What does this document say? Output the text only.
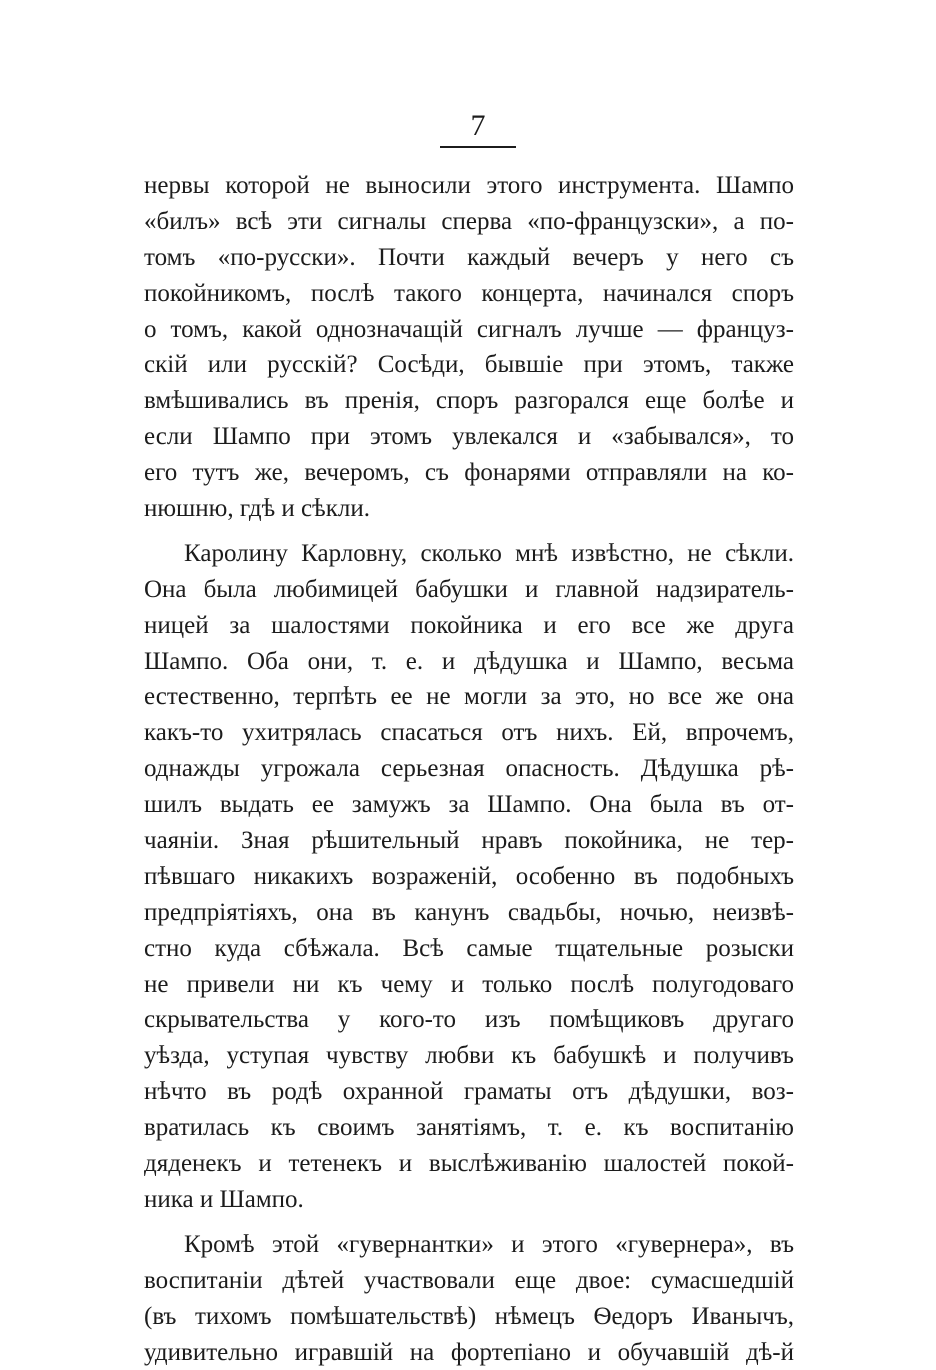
7
нервы которой не выносили этого инструмента. Шампо
«билъ» всѣ эти сигналы сперва «по-французски», а по-
томъ «по-русски». Почти каждый вечеръ у него съ
покойникомъ, послѣ такого концерта, начинался споръ
о томъ, какой однозначащій сигналъ лучше — француз-
скій или русскій? Сосѣди, бывшіе при этомъ, также
вмѣшивались въ пренія, споръ разгорался еще болѣе и
если Шампо при этомъ увлекался и «забывался», то
его тутъ же, вечеромъ, съ фонарями отправляли на ко-
нюшню, гдѣ и сѣкли.
Каролину Карловну, сколько мнѣ извѣстно, не сѣкли.
Она была любимицей бабушки и главной надзиратель-
ницей за шалостями покойника и его все же друга
Шампо. Оба они, т. е. и дѣдушка и Шампо, весьма
естественно, терпѣть ее не могли за это, но все же она
какъ-то ухитрялась спасаться отъ нихъ. Ей, впрочемъ,
однажды угрожала серьезная опасность. Дѣдушка рѣ-
шилъ выдать ее замужъ за Шампо. Она была въ от-
чаяніи. Зная рѣшительный нравъ покойника, не тер-
пѣвшаго никакихъ возраженій, особенно въ подобныхъ
предпріятіяхъ, она въ канунъ свадьбы, ночью, неизвѣ-
стно куда сбѣжала. Всѣ самые тщательные розыски
не привели ни къ чему и только послѣ полугодоваго
скрывательства у кого-то изъ помѣщиковъ другаго
уѣзда, уступая чувству любви къ бабушкѣ и получивъ
нѣчто въ родѣ охранной граматы отъ дѣдушки, воз-
вратилась къ своимъ занятіямъ, т. е. къ воспитанію
дяденекъ и тетенекъ и выслѣживанію шалостей покой-
ника и Шампо.
Кромѣ этой «гувернантки» и этого «гувернера», въ
воспитаніи дѣтей участвовали еще двое: сумасшедшій
(въ тихомъ помѣшательствѣ) нѣмецъ Ѳедоръ Иванычъ,
удивительно игравшій на фортепіано и обучавшій дѣ-й
